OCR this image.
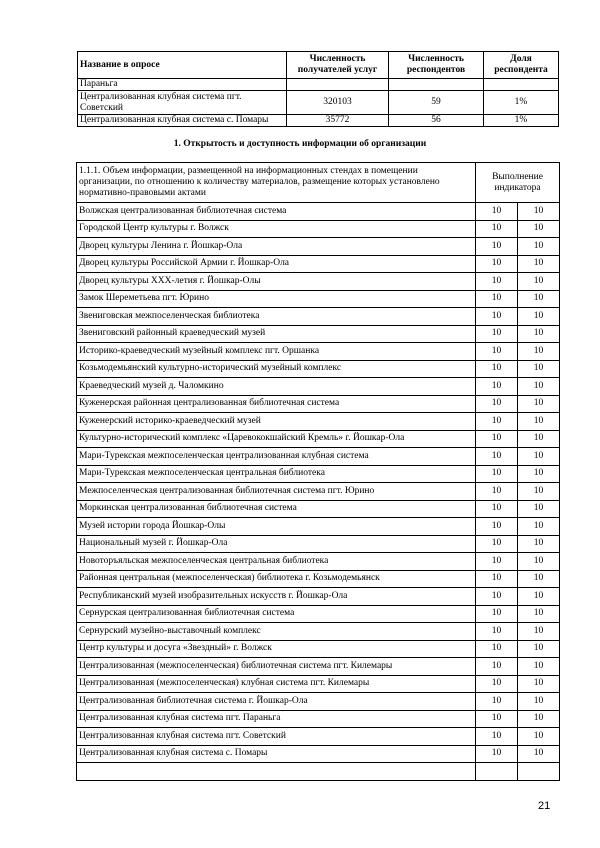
Название в опросе	Численность получателей услуг	Численность респондентов	Доля респондента
Параньга			
Централизованная клубная система пгт. Советский	320103	59	1%
Централизованная клубная система с. Помары	35772	56	1%
1. Открытость и доступность информации об организации
1.1.1. Объем информации, размещенной на информационных стендах в помещении организации, по отношению к количеству материалов, размещение которых установлено нормативно-правовыми актами	Выполнение индикатора	
Волжская централизованная библиотечная система	10	10
Городской Центр культуры г. Волжск	10	10
Дворец культуры Ленина г. Йошкар-Ола	10	10
Дворец культуры Российской Армии г. Йошкар-Ола	10	10
Дворец культуры ХХХ-летия г. Йошкар-Олы	10	10
Замок Шереметьева пгт. Юрино	10	10
Звениговская межпоселенческая библиотека	10	10
Звениговский районный краеведческий музей	10	10
Историко-краеведческий музейный комплекс пгт. Оршанка	10	10
Козьмодемьянский культурно-исторический музейный комплекс	10	10
Краеведческий музей д. Чаломкино	10	10
Куженерская районная централизованная библиотечная система	10	10
Куженерский историко-краеведческий музей	10	10
Культурно-исторический комплекс «Царевококшайский Кремль» г. Йошкар-Ола	10	10
Мари-Турекская межпоселенческая централизованная клубная система	10	10
Мари-Турекская межпоселенческая центральная библиотека	10	10
Межпоселенческая централизованная библиотечная система пгт. Юрино	10	10
Моркинская централизованная библиотечная система	10	10
Музей истории города Йошкар-Олы	10	10
Национальный музей г. Йошкар-Ола	10	10
Новоторъяльская межпоселенческая центральная библиотека	10	10
Районная центральная (межпоселенческая) библиотека г. Козьмодемьянск	10	10
Республиканский музей изобразительных искусств г. Йошкар-Ола	10	10
Сернурская централизованная библиотечная система	10	10
Сернурский музейно-выставочный комплекс	10	10
Центр культуры и досуга «Звездный» г. Волжск	10	10
Централизованная (межпоселенческая) библиотечная система пгт. Килемары	10	10
Централизованная (межпоселенческая) клубная система пгт. Килемары	10	10
Централизованная библиотечная система г. Йошкар-Ола	10	10
Централизованная клубная система пгт. Параньга	10	10
Централизованная клубная система пгт. Советский	10	10
Централизованная клубная система с. Помары	10	10

21
